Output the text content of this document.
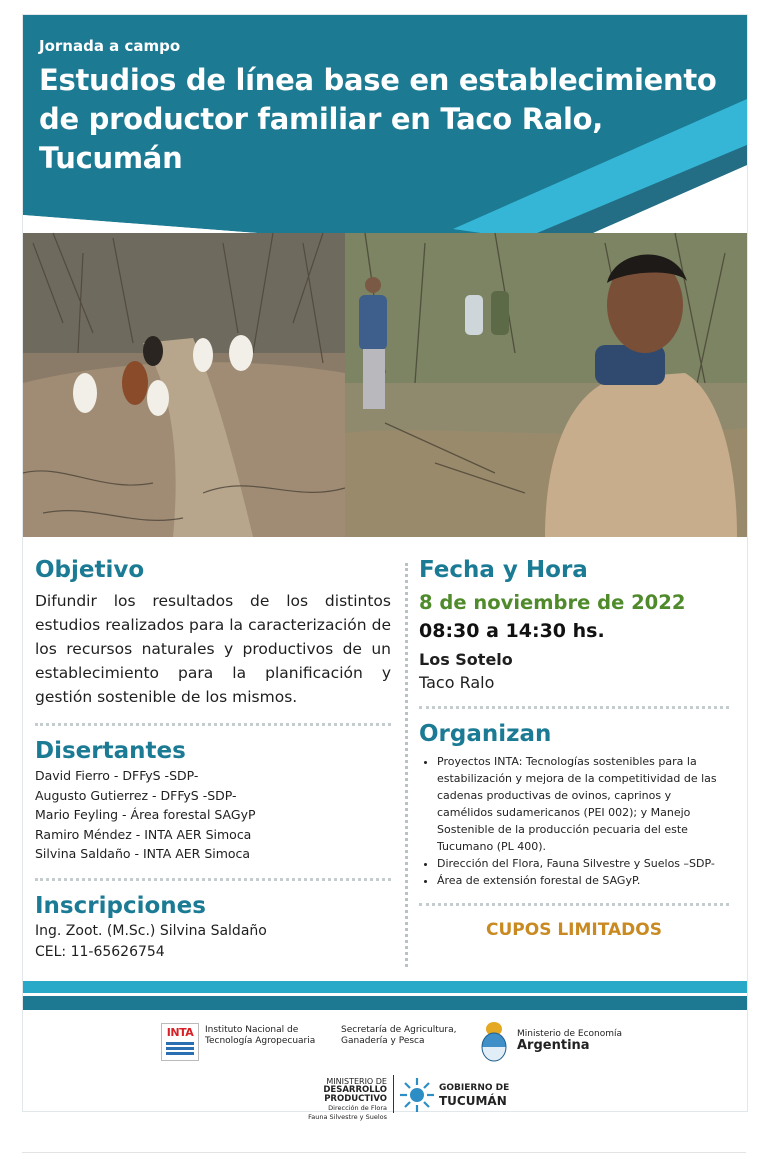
Jornada a campo
Estudios de línea base en establecimiento de productor familiar en Taco Ralo, Tucumán
Objetivo

Difundir los resultados de los distintos estudios realizados para la caracterización de los recursos naturales y productivos de un establecimiento para la planificación y gestión sostenible de los mismos.

Disertantes
David Fierro - DFFyS -SDP-
Augusto Gutierrez - DFFyS -SDP-
Mario Feyling - Área forestal SAGyP
Ramiro Méndez - INTA AER Simoca
Silvina Saldaño - INTA AER Simoca
Inscripciones
Ing. Zoot. (M.Sc.) Silvina Saldaño
CEL: 11-65626754
Fecha y Hora
8 de noviembre de 2022
08:30 a 14:30 hs.
Los Sotelo
Taco Ralo
Organizan
• Proyectos INTA: Tecnologías sostenibles para la estabilización y mejora de la competitividad de las cadenas productivas de ovinos, caprinos y camélidos sudamericanos (PEI 002); y Manejo Sostenible de la producción pecuaria del este Tucumano (PL 400).
• Dirección del Flora, Fauna Silvestre y Suelos –SDP-
• Área de extensión forestal de SAGyP.
CUPOS LIMITADOS
INTA	Instituto Nacional de
Tecnología Agropecuaria
Secretaría de Agricultura,
Ganadería y Pesca
Ministerio de Economía
Argentina
MINISTERIO DE
DESARROLLO PRODUCTIVO
Dirección de Flora
Fauna Silvestre y Suelos
GOBIERNO DE
TUCUMÁN
